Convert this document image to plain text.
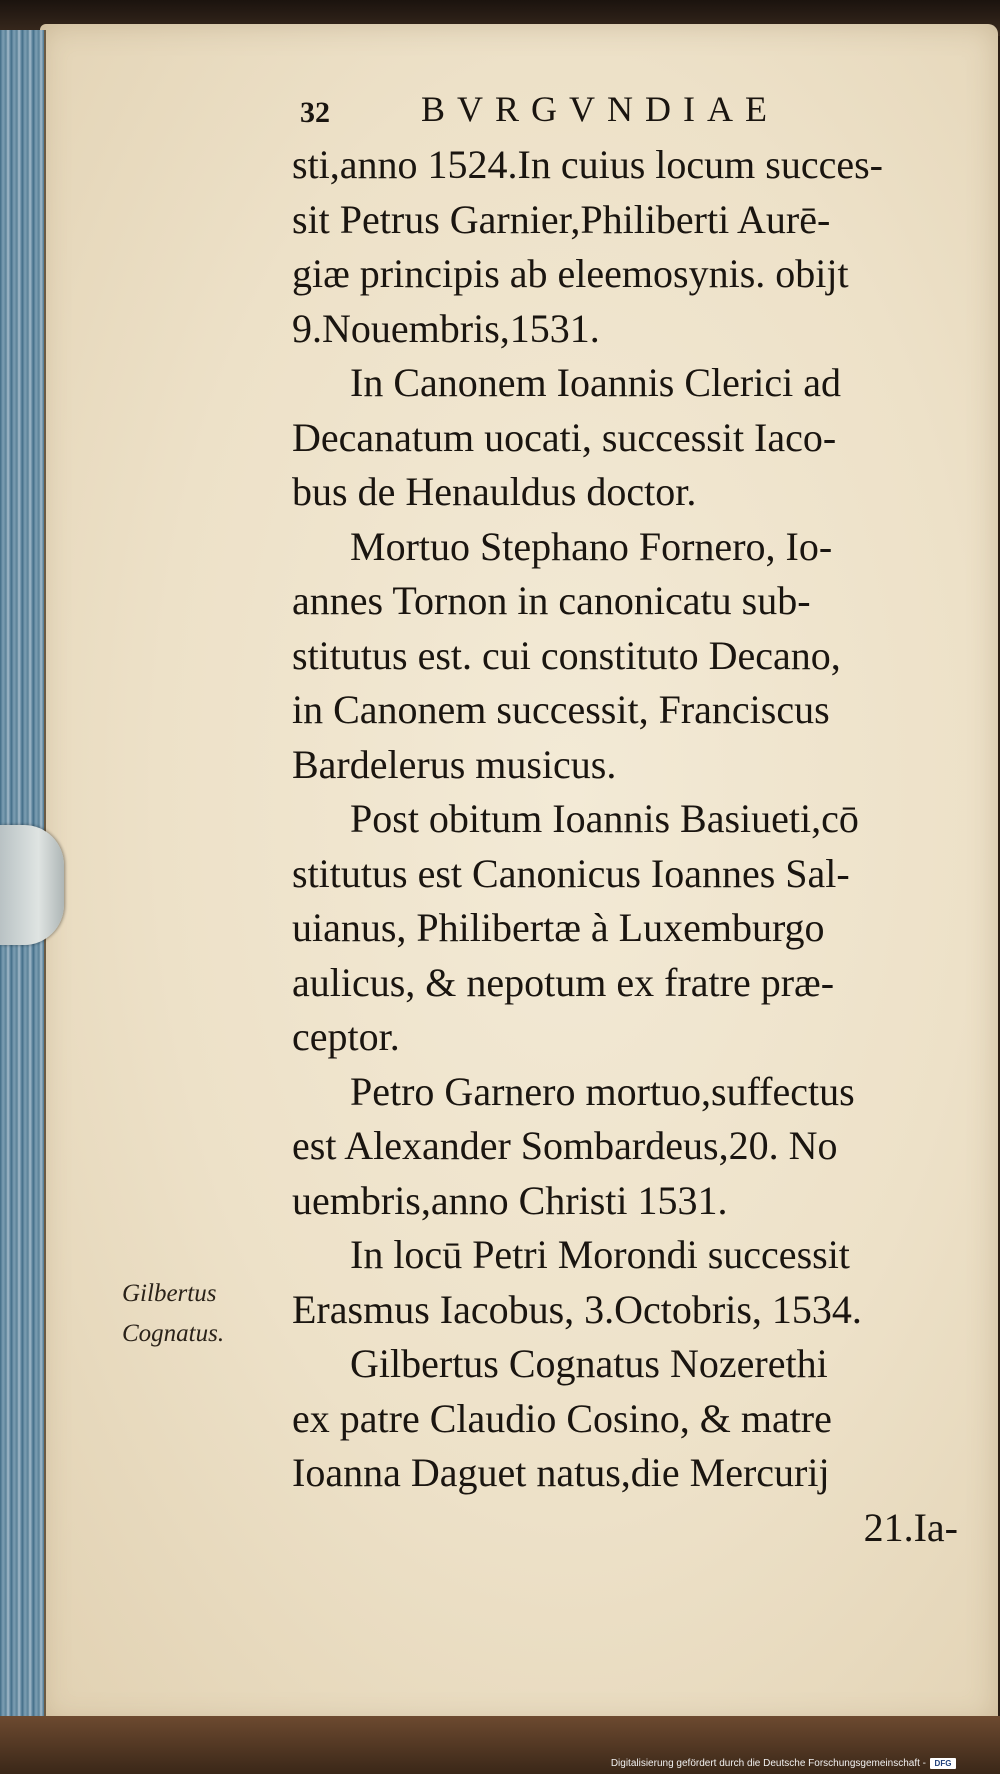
32	BVRGVNDIAE
sti,anno 1524.In cuius locum succes-
sit Petrus Garnier,Philiberti Aurē-
giæ principis ab eleemosynis. obijt
9.Nouembris,1531.
In Canonem Ioannis Clerici ad
Decanatum uocati, successit Iaco-
bus de Henauldus doctor.
Mortuo Stephano Fornero, Io-
annes Tornon in canonicatu sub-
stitutus est. cui constituto Decano,
in Canonem successit, Franciscus
Bardelerus musicus.
Post obitum Ioannis Basiueti,cō
stitutus est Canonicus Ioannes Sal-
uianus, Philibertæ à Luxemburgo
aulicus, & nepotum ex fratre præ-
ceptor.
Petro Garnero mortuo,suffectus
est Alexander Sombardeus,20. No
uembris,anno Christi 1531.
In locū Petri Morondi successit
Erasmus Iacobus, 3.Octobris, 1534.
Gilbertus Cognatus Nozerethi
ex patre Claudio Cosino, & matre
Ioanna Daguet natus,die Mercurij
21.Ia-
Gilbertus
Cognatus.
Digitalisierung gefördert durch die Deutsche Forschungsgemeinschaft -	DFG
